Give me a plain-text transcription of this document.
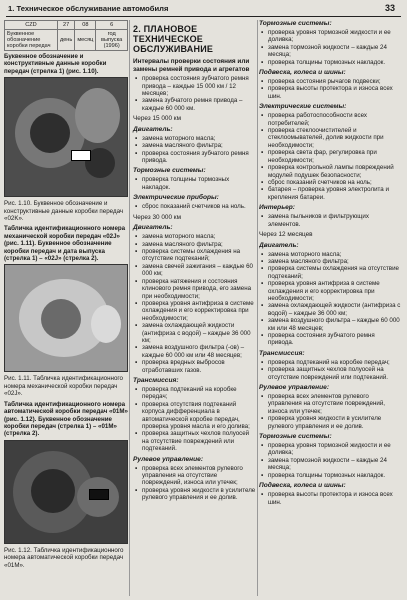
1. Техническое обслуживание автомобиля	33
CZD	27	08	6
Буквенное обозначение коробки передач	день	месяц	год выпуска (1996)
Буквенное обозначение и конструктивные данные коробки передач (стрелка 1) (рис. 1.10).
Рис. 1.10. Буквенное обозначение и конструктивные данные коробки передач «02K».
Табличка идентификационного номера механической коробки передач «02J» (рис. 1.11). Буквенное обозначение коробки передач и дата выпуска (стрелка 1) – «02J» (стрелка 2).
Рис. 1.11. Табличка идентификационного номера механической коробки передач «02J».
Табличка идентификационного номера автоматической коробки передач «01M» (рис. 1.12). Буквенное обозначение коробки передач (стрелка 1) – «01M» (стрелка 2).
Рис. 1.12. Табличка идентификационного номера автоматической коробки передач «01M».
2. ПЛАНОВОЕ ТЕХНИЧЕСКОЕ ОБСЛУЖИВАНИЕ
Интервалы проверки состояния или замены ремней привода и агрегатов
▪ проверка состояния зубчатого ремня привода – каждые 15 000 км / 12 месяцев;
▪ замена зубчатого ремня привода – каждые 60 000 км.
Через 15 000 км
Двигатель:
▪ замена моторного масла;
▪ замена масляного фильтра;
▪ проверка состояния зубчатого ремня привода.
Тормозные системы:
▪ проверка толщины тормозных накладок.
Электрические приборы:
▪ сброс показаний счетчиков на ноль.
Через 30 000 км
Двигатель:
▪ замена моторного масла;
▪ замена масляного фильтра;
▪ проверка системы охлаждения на отсутствие подтеканий;
▪ замена свечей зажигания – каждые 60 000 км;
▪ проверка натяжения и состояния клинового ремня привода, его замена при необходимости;
▪ проверка уровня антифриза в системе охлаждения и его корректировка при необходимости;
▪ замена охлаждающей жидкости (антифриза с водой) – каждые 36 000 км;
▪ замена воздушного фильтра (-ов) – каждые 60 000 км или 48 месяцев;
▪ проверка вредных выбросов отработавших газов.
Трансмиссия:
▪ проверка подтеканий на коробке передач;
▪ проверка отсутствия подтеканий корпуса дифференциала в автоматической коробке передач, проверка уровня масла и его долива;
▪ проверка защитных чехлов полуосей на отсутствие повреждений или подтеканий.
Рулевое управление:
▪ проверка всех элементов рулевого управления на отсутствие повреждений, износа или утечек;
▪ проверка уровня жидкости в усилителе рулевого управления и ее долив.
Тормозные системы:
▪ проверка уровня тормозной жидкости и ее доливка;
▪ замена тормозной жидкости – каждые 24 месяца;
▪ проверка толщины тормозных накладок.
Подвеска, колеса и шины:
▪ проверка состояния рычагов подвески;
▪ проверка высоты протектора и износа всех шин.
Электрические системы:
▪ проверка работоспособности всех потребителей;
▪ проверка стеклоочистителей и стеклоомывателей, долив жидкости при необходимости;
▪ проверка света фар, регулировка при необходимости;
▪ проверка контрольной лампы повреждений модулей подушек безопасности;
▪ сброс показаний счетчиков на ноль;
▪ батарея – проверка уровня электролита и крепления батареи.
Интерьер:
▪ замена пыльников и фильтрующих элементов.
Через 12 месяцев
Двигатель:
▪ замена моторного масла;
▪ замена масляного фильтра;
▪ проверка системы охлаждения на отсутствие подтеканий;
▪ проверка уровня антифриза в системе охлаждения и его корректировка при необходимости;
▪ замена охлаждающей жидкости (антифриза с водой) – каждые 36 000 км;
▪ замена воздушного фильтра – каждые 60 000 км или 48 месяцев;
▪ проверка состояния зубчатого ремня привода.
Трансмиссия:
▪ проверка подтеканий на коробке передач;
▪ проверка защитных чехлов полуосей на отсутствие повреждений или подтеканий.
Рулевое управление:
▪ проверка всех элементов рулевого управления на отсутствие повреждений, износа или утечек;
▪ проверка уровня жидкости в усилителе рулевого управления и ее долив.
Тормозные системы:
▪ проверка уровня тормозной жидкости и ее доливка;
▪ замена тормозной жидкости – каждые 24 месяца;
▪ проверка толщины тормозных накладок.
Подвеска, колеса и шины:
▪ проверка высоты протектора и износа всех шин.
